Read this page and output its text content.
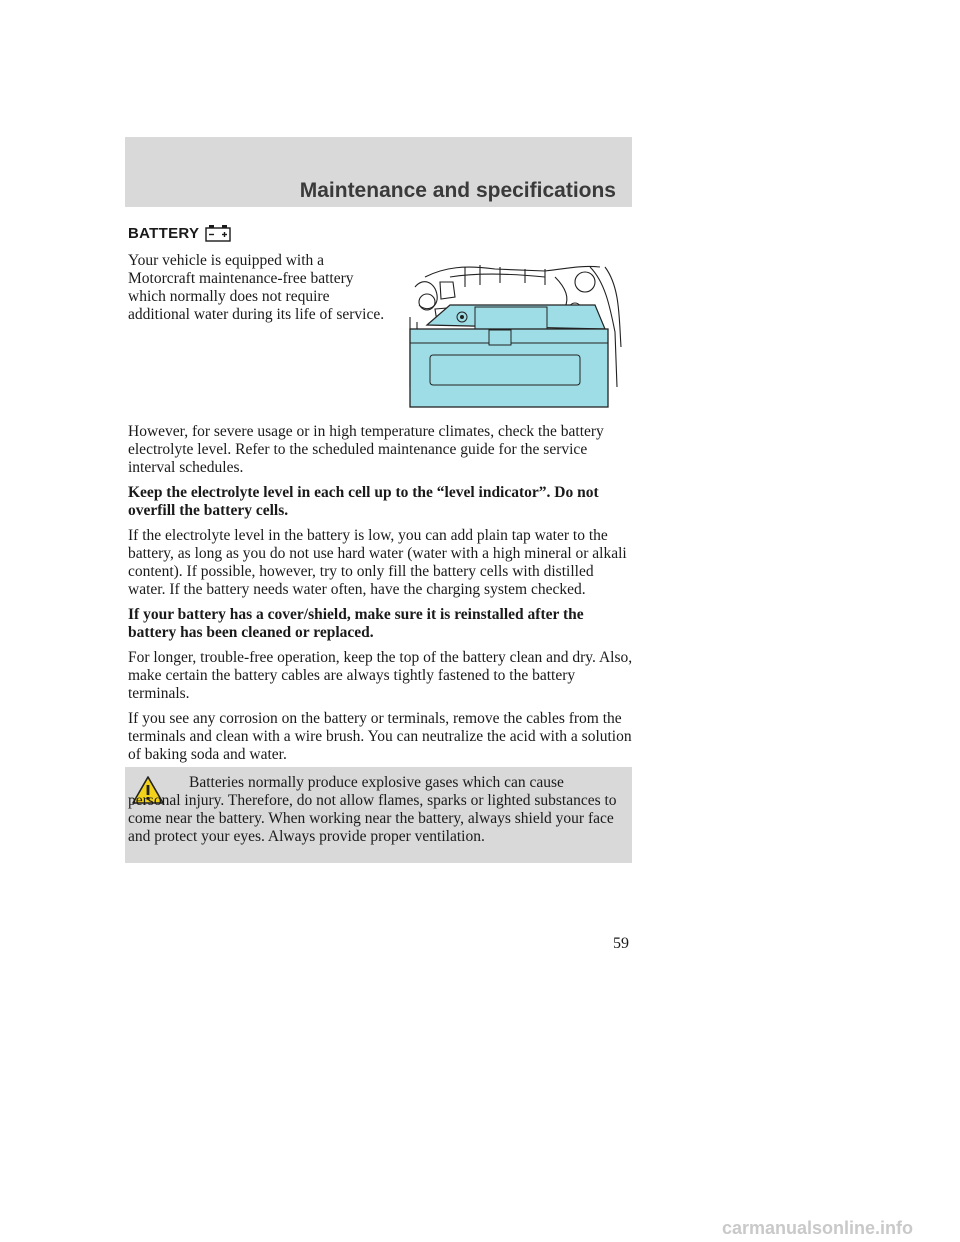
Maintenance and specifications
BATTERY
Your vehicle is equipped with a Motorcraft maintenance-free battery which normally does not require additional water during its life of service.

However, for severe usage or in high temperature climates, check the battery electrolyte level. Refer to the scheduled maintenance guide for the service interval schedules.

Keep the electrolyte level in each cell up to the “level indicator”. Do not overfill the battery cells.

If the electrolyte level in the battery is low, you can add plain tap water to the battery, as long as you do not use hard water (water with a high mineral or alkali content). If possible, however, try to only fill the battery cells with distilled water. If the battery needs water often, have the charging system checked.

If your battery has a cover/shield, make sure it is reinstalled after the battery has been cleaned or replaced.

For longer, trouble-free operation, keep the top of the battery clean and dry. Also, make certain the battery cables are always tightly fastened to the battery terminals.

If you see any corrosion on the battery or terminals, remove the cables from the terminals and clean with a wire brush. You can neutralize the acid with a solution of baking soda and water.

Batteries normally produce explosive gases which can cause
personal injury. Therefore, do not allow flames, sparks or lighted substances to come near the battery. When working near the battery, always shield your face and protect your eyes. Always provide proper ventilation.
59
carmanualsonline.info
